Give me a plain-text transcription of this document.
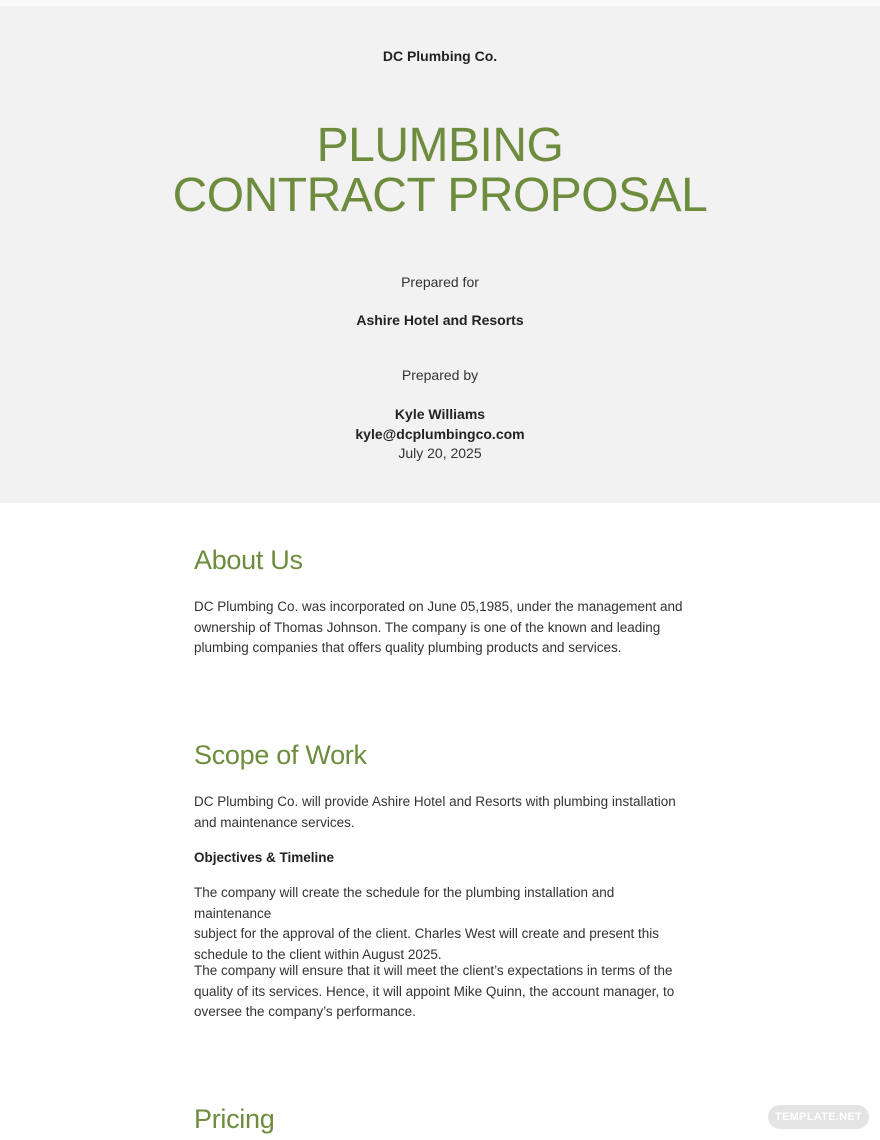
DC Plumbing Co.
PLUMBING
CONTRACT PROPOSAL
Prepared for
Ashire Hotel and Resorts
Prepared by
Kyle Williams
kyle@dcplumbingco.com
July 20, 2025
About Us

DC Plumbing Co. was incorporated on June 05,1985, under the management and

ownership of Thomas Johnson. The company is one of the known and leading

plumbing companies that offers quality plumbing products and services.

Scope of Work

DC Plumbing Co. will provide Ashire Hotel and Resorts with plumbing installation

and maintenance services.

Objectives & Timeline

The company will create the schedule for the plumbing installation and maintenance

subject for the approval of the client. Charles West will create and present this

schedule to the client within August 2025.

The company will ensure that it will meet the client’s expectations in terms of the

quality of its services. Hence, it will appoint Mike Quinn, the account manager, to

oversee the company’s performance.

Pricing	TEMPLATE.NET
